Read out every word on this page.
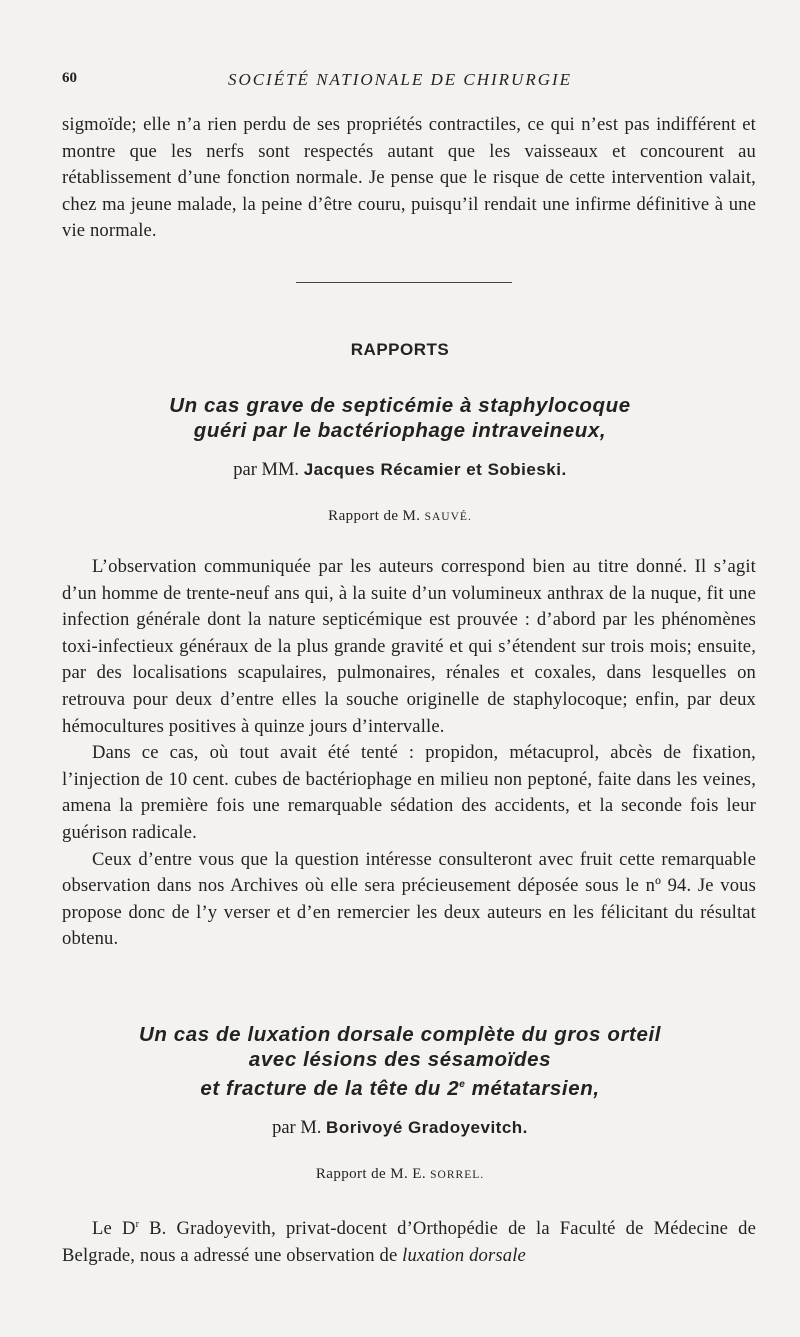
60	SOCIÉTÉ NATIONALE DE CHIRURGIE

sigmoïde; elle n’a rien perdu de ses propriétés contractiles, ce qui n’est pas indifférent et montre que les nerfs sont respectés autant que les vaisseaux et concourent au rétablissement d’une fonction normale. Je pense que le risque de cette intervention valait, chez ma jeune malade, la peine d’être couru, puisqu’il rendait une infirme définitive à une vie normale.

RAPPORTS
Un cas grave de septicémie à staphylocoque
guéri par le bactériophage intraveineux,
par MM. Jacques Récamier et Sobieski.
Rapport de M. SAUVÉ.

L’observation communiquée par les auteurs correspond bien au titre donné. Il s’agit d’un homme de trente-neuf ans qui, à la suite d’un volumineux anthrax de la nuque, fit une infection générale dont la nature septicémique est prouvée : d’abord par les phénomènes toxi-infectieux généraux de la plus grande gravité et qui s’étendent sur trois mois; ensuite, par des localisations scapulaires, pulmonaires, rénales et coxales, dans lesquelles on retrouva pour deux d’entre elles la souche originelle de staphylocoque; enfin, par deux hémocultures positives à quinze jours d’intervalle.

Dans ce cas, où tout avait été tenté : propidon, métacuprol, abcès de fixation, l’injection de 10 cent. cubes de bactériophage en milieu non peptoné, faite dans les veines, amena la première fois une remarquable sédation des accidents, et la seconde fois leur guérison radicale.

Ceux d’entre vous que la question intéresse consulteront avec fruit cette remarquable observation dans nos Archives où elle sera précieusement déposée sous le nº 94. Je vous propose donc de l’y verser et d’en remercier les deux auteurs en les félicitant du résultat obtenu.

Un cas de luxation dorsale complète du gros orteil
avec lésions des sésamoïdes
et fracture de la tête du 2e métatarsien,
par M. Borivoyé Gradoyevitch.
Rapport de M. E. SORREL.

Le $D^r$ B. Gradoyevith, privat-docent d’Orthopédie de la Faculté de Médecine de Belgrade, nous a adressé une observation de luxation dorsale
